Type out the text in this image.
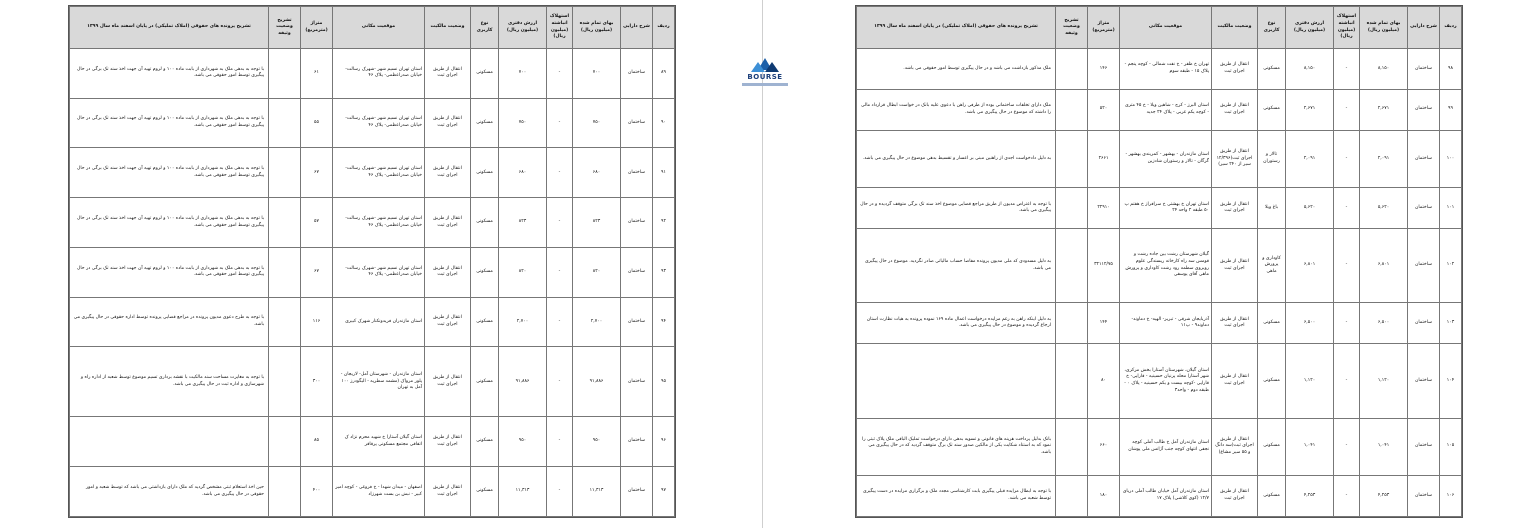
ردیف	شرح دارایی	بهای تمام شده (میلیون ریال)	استهلاک انباشته (میلیون ریال)	ارزش دفتری (میلیون ریال)	نوع کاربری	وضعیت مالکیت	موقعیت مکانی	متراژ (مترمربع)	تشریح وضعیت وثیقه	تشریح پرونده های حقوقی (املاک تملیکی) در پایان اسفند ماه سال ۱۳۹۹
۸۹	ساختمان	۷۰۰	-	۷۰۰	مسکونی	انتقال از طریق اجرای ثبت	استان تهران نسیم شهر -شهرک رسالت- خیابان صدراعظمی- پلاک ۴۶	۶۱		با توجه به بدهی ملک به شهرداری از بابت ماده ۱۰۰ و لزوم تهیه آن جهت اخذ سند تک برگی در حال پیگیری توسط امور حقوقی می باشد.
۹۰	ساختمان	۷۵۰	-	۷۵۰	مسکونی	انتقال از طریق اجرای ثبت	استان تهران نسیم شهر -شهرک رسالت- خیابان صدراعظمی- پلاک ۴۶	۵۵		با توجه به بدهی ملک به شهرداری از بابت ماده ۱۰۰ و لزوم تهیه آن جهت اخذ سند تک برگی در حال پیگیری توسط امور حقوقی می باشد.
۹۱	ساختمان	۶۸۰	-	۶۸۰	مسکونی	انتقال از طریق اجرای ثبت	استان تهران نسیم شهر -شهرک رسالت- خیابان صدراعظمی- پلاک ۴۶	۶۷		با توجه به بدهی ملک به شهرداری از بابت ماده ۱۰۰ و لزوم تهیه آن جهت اخذ سند تک برگی در حال پیگیری توسط امور حقوقی می باشد.
۹۲	ساختمان	۸۲۳	-	۸۲۳	مسکونی	انتقال از طریق اجرای ثبت	استان تهران نسیم شهر -شهرک رسالت- خیابان صدراعظمی- پلاک ۴۶	۵۷		با توجه به بدهی ملک به شهرداری از بابت ماده ۱۰۰ و لزوم تهیه آن جهت اخذ سند تک برگی در حال پیگیری توسط امور حقوقی می باشد.
۹۳	ساختمان	۸۲۰	-	۸۲۰	مسکونی	انتقال از طریق اجرای ثبت	استان تهران نسیم شهر -شهرک رسالت- خیابان صدراعظمی- پلاک ۴۶	۶۷		با توجه به بدهی ملک به شهرداری از بابت ماده ۱۰۰ و لزوم تهیه آن جهت اخذ سند تک برگی در حال پیگیری توسط امور حقوقی می باشد.
۹۴	ساختمان	۲,۷۰۰	-	۲,۷۰۰	مسکونی	انتقال از طریق اجرای ثبت	استان مازندران فریدونکنار شهرک کبیری	۱۱۶		با توجه به طرح دعوی مدیون پرونده در مراجع قضایی پرونده توسط اداره حقوقی در حال پیگیری می باشد.
۹۵	ساختمان	۹۱,۸۸۶	-	۹۱,۸۸۶	مسکونی	انتقال از طریق اجرای ثبت	استان مازندران - شهرستان آمل- لاریجان - پلور مرواک (مشمد سطریه - الیگودرز ۱۰۰ آمل به تهران	۳۰۰		با توجه به مغایرت مساحت سند مالکیت با نقشه برداری تسیم موضوع توسط شعبه از اداره راه و شهرسازی و اداره ثبت در حال پیگیری می باشد.
۹۶	ساختمان	۹۵۰	-	۹۵۰	مسکونی	انتقال از طریق اجرای ثبت	استان گیلان آستارا خ شهید محرم نژاد ک اتفاقی مجتمع مسکونی پرقاقر	۸۵		
۹۷	ساختمان	۱۱,۳۱۳	-	۱۱,۳۱۳	مسکونی	انتقال از طریق اجرای ثبت	اصفهان - میدان شهدا - خ فروغی - کوچه امیر کبیر - نبش بن بست شهرزاد	۴۰۰		حین اخذ استعلام ثبتی مشخص گردید که ملک دارای بازداشتی می باشد که توسط شعبه و امور حقوقی در حال پیگیری می باشد.
BOURSE
ردیف	شرح دارایی	بهای تمام شده (میلیون ریال)	استهلاک انباشته (میلیون ریال)	ارزش دفتری (میلیون ریال)	نوع کاربری	وضعیت مالکیت	موقعیت مکانی	متراژ (مترمربع)	تشریح وضعیت وثیقه	تشریح پرونده های حقوقی (املاک تملیکی) در پایان اسفند ماه سال ۱۳۹۹
۹۸	ساختمان	۸,۱۵۰	-	۸,۱۵۰	مسکونی	انتقال از طریق اجرای ثبت	تهران خ ظفر - خ نفت شمالی - کوچه پنجم - پلاک ۱۵ - طبقه سوم	۱۴۶		ملک مذکور بازداشت می باشد و در حال پیگیری توسط امور حقوقی می باشد.
۹۹	ساختمان	۲,۶۷۱	-	۲,۶۷۱	مسکونی	انتقال از طریق اجرای ثبت	استان البرز - کرج - شاهین ویلا - خ ۴۵ متری - کوچه یکم غربی - پلاک ۲۴ جدید	۵۲۰		ملک دارای تخلفات ساختمانی بوده از طرفی راهن با دعوی علیه بانک در خواست ابطال قرارداد مالی را داشته که موضوع در حال پیگیری می باشد.
۱۰۰	ساختمان	۲,۰۹۱	-	۲,۰۹۱	تالار و رستوران	انتقال از طریق اجرای ثبت(۱۲/۳۹۶ سیر از ۲۴۰ سیر)	استان مازندران - بهشهر - کمربندی بهشهر - گرگان - تالار و رستوران شادزین	۲۶۶۱		به دلیل دادخواست اجدی از راهنین مبنی بر اعسار و تقسیط بدهی موضوع در حال پیگیری می باشد.
۱۰۱	ساختمان	۵,۶۲۰	-	۵,۶۲۰	باغ ویلا	انتقال از طریق اجرای ثبت	استان تهران خ بهشتی خ سرافراز خ هفتم پ ۵۰ طبقه ۲ واحد ۲۴	۲۲۹۱۰		با توجه به اعتراض مدیون از طریق مراجع قضایی موضوع اخذ سند تک برگی متوقف گردیده و در حال پیگیری می باشد.
۱۰۲	ساختمان	۶,۸۰۱	-	۶,۸۰۱	کاوداری و پرورش ماهی	انتقال از طریق اجرای ثبت	گیلان شهرستان رشت بین جاده رشت و قومس سه راه کارخانه ریسندگی علوم روبروی سطمه رود رشت کاوداری و پرورش ماهی آقای یوسفی	۳۲۱۱۲/۷۵		به دلیل مسدودی کد ملی مدیون پرونده مفاصا حساب مالیاتی صادر نگردید. موضوع در حال پیگیری می باشد.
۱۰۳	ساختمان	۶,۵۰۰	-	۶,۵۰۰	مسکونی	انتقال از طریق اجرای ثبت	آذربایجان شرقی - تبریز- الهیه- خ دماوند- دماوند۹ - پ۱۱	۱۴۴		به دلیل اینکه راهن به رغم مزایده درخواست اعمال ماده ۱۶۹ نموده پرونده به هیات نظارت استان ارجاع گردیده و موضوع در حال پیگیری می باشد.
۱۰۴	ساختمان	۱,۱۲۰	-	۱,۱۲۰	مسکونی	انتقال از طریق اجرای ثبت	استان گیلان، شهرستان آستارا بخش مرکزی، شهر آستارا محله پرنیان حسینیه - قاراپی- خ قاراپی -کوچه بیست و یکم حسینیه - پلاک ۰ - طبقه دوم - واحد۳	۸۰		
۱۰۵	ساختمان	۱,۰۴۱	-	۱,۰۴۱	مسکونی	انتقال از طریق اجرای ثبت(سه دانگ و ۵۵ سیر مشاع)	استان مازندران آمل خ طالب آملی کوچه نجفی انتهای کوچه جنب آژانس ملی پوشان	۶۶۰		بانک بدلیل پرداخت هزینه های قانونی و تسویه بدهی دارای درخواست تملیک الباقی ملک پلاک ثبتی را نمود که به استناد شکایت یکی از مالکین صدور سند تک برگ متوقف گردید که در حال پیگیری می باشد.
۱۰۶	ساختمان	۴,۲۵۳	-	۴,۲۵۳	مسکونی	انتقال از طریق اجرای ثبت	استان مازندران آمل خیابان طالب آملی دریای ۱۲/۷ (کوی کلاشی) پلاک ۱۷	۱۸۰		با توجه به ابطال مزایده قبلی پیگیری بابت کارشناسی مجدد ملک و برگزاری مزایده در دست پیگیری توسط شعبه می باشد.
